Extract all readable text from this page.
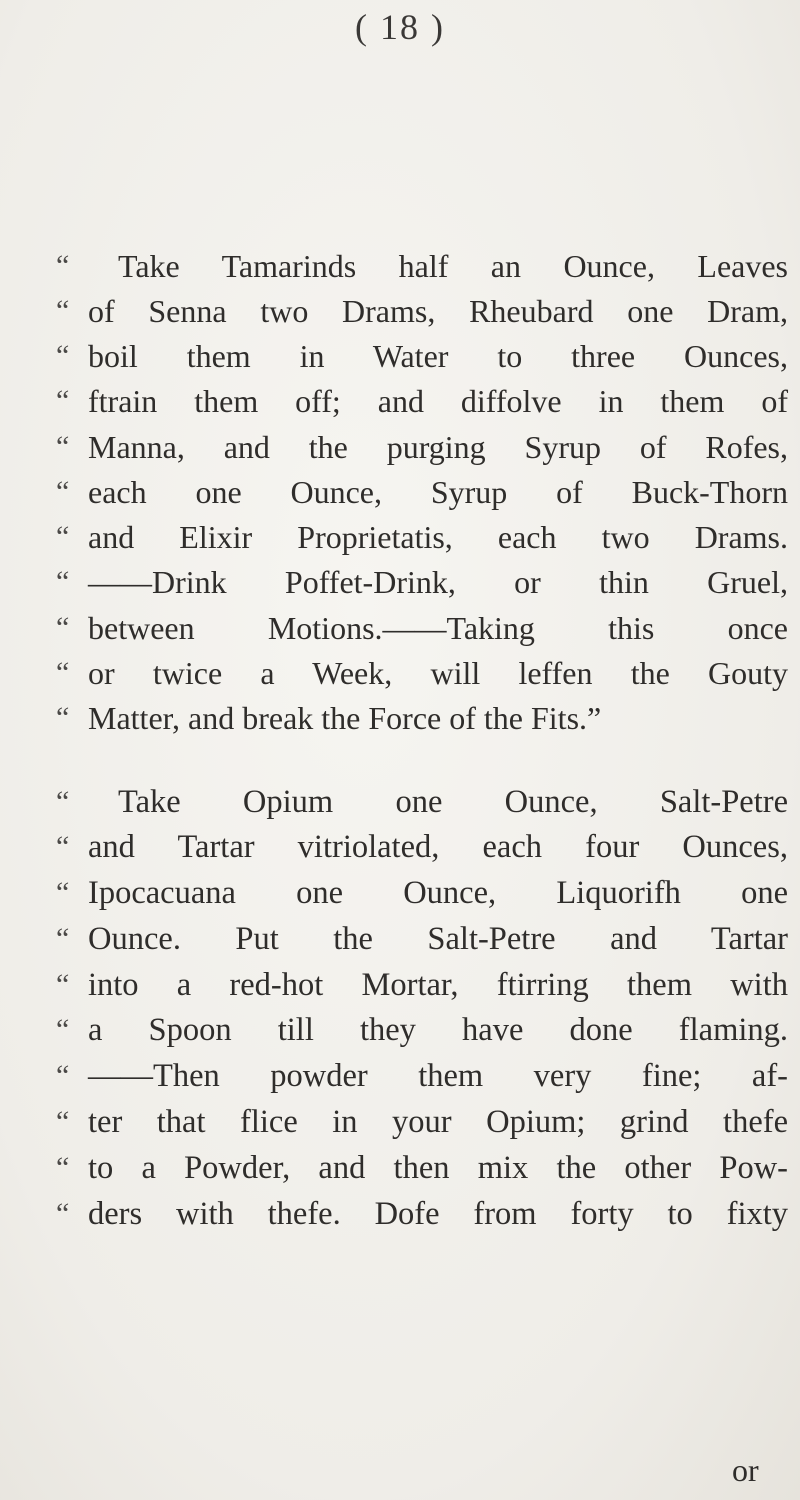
( 18 )
“	Take Tamarinds half an Ounce, Leaves
“ of Senna two Drams, Rheubard one Dram,
“ boil them in Water to three Ounces,
“ ftrain them off; and diffolve in them of
“ Manna, and the purging Syrup of Rofes,
“ each one Ounce, Syrup of Buck-Thorn
“ and Elixir Proprietatis, each two Drams.
“ ——Drink Poffet-Drink, or thin Gruel,
“ between Motions.——Taking this once
“ or twice a Week, will leffen the Gouty
“ Matter, and break the Force of the Fits.”
“	Take Opium one Ounce, Salt-Petre
“ and Tartar vitriolated, each four Ounces,
“ Ipocacuana one Ounce, Liquorifh one
“ Ounce. Put the Salt-Petre and Tartar
“ into a red-hot Mortar, ftirring them with
“ a Spoon till they have done flaming.
“ ——Then powder them very fine; af-
“ ter that flice in your Opium; grind thefe
“ to a Powder, and then mix the other Pow-
“ ders with thefe. Dofe from forty to fixty
or
